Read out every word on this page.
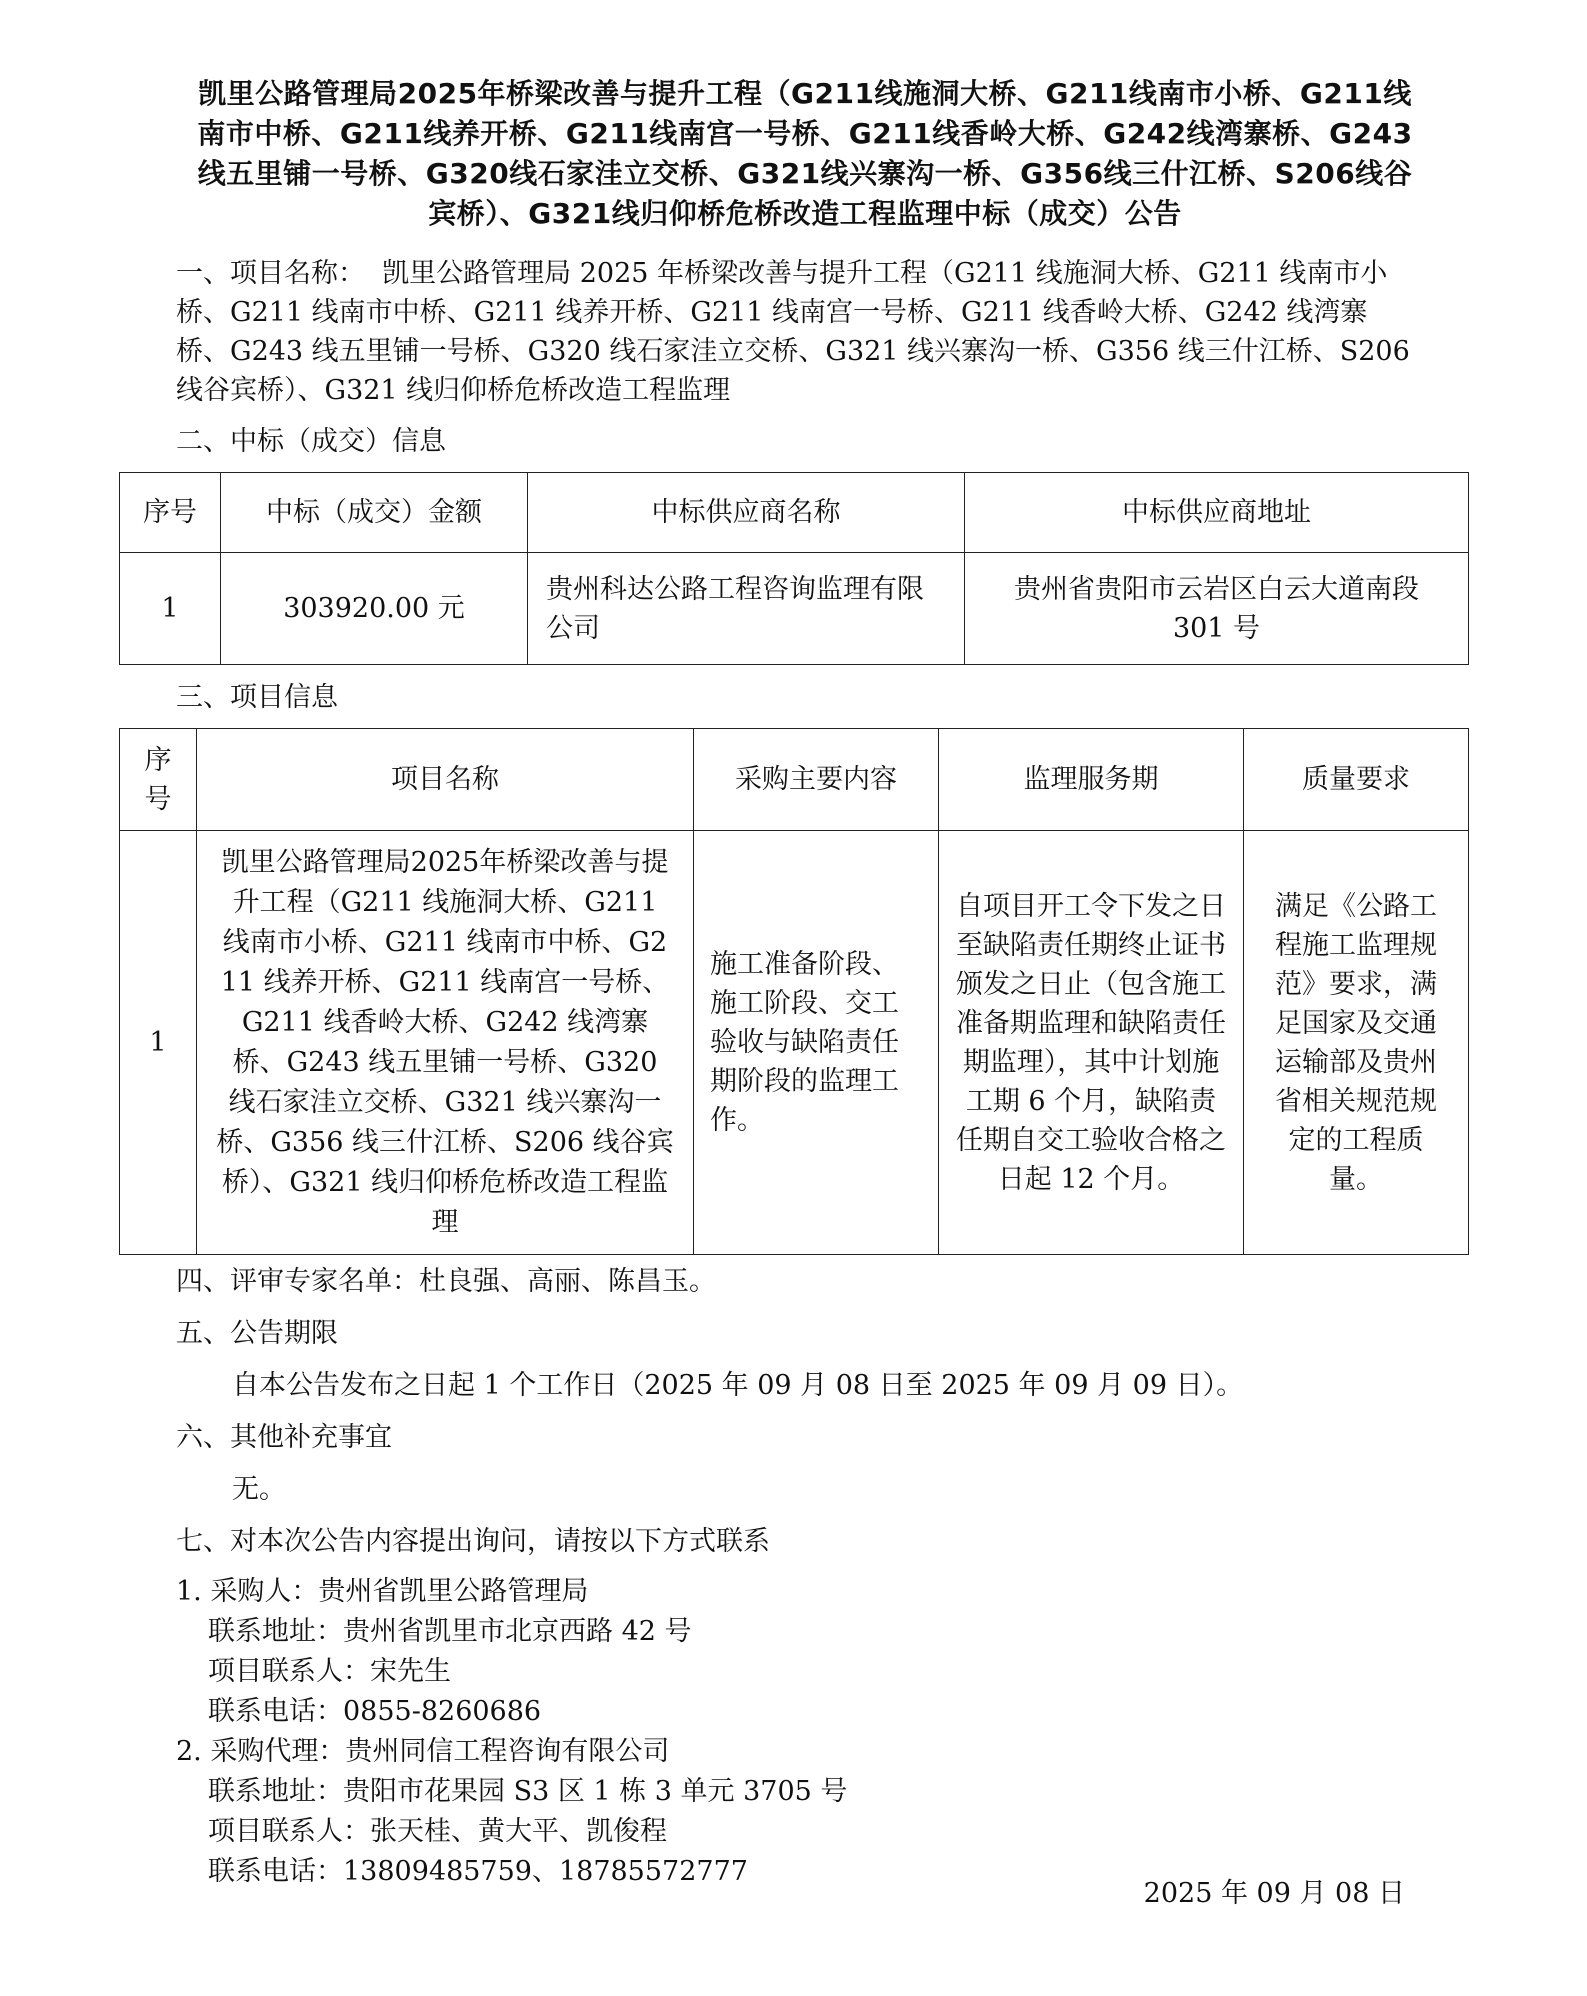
凯里公路管理局2025年桥梁改善与提升工程（G211线施洞大桥、G211线南市小桥、G211线南市中桥、G211线养开桥、G211线南宫一号桥、G211线香岭大桥、G242线湾寨桥、G243线五里铺一号桥、G320线石家洼立交桥、G321线兴寨沟一桥、G356线三什江桥、S206线谷宾桥）、G321线归仰桥危桥改造工程监理中标（成交）公告
一、项目名称： 凯里公路管理局 2025 年桥梁改善与提升工程（G211 线施洞大桥、G211 线南市小桥、G211 线南市中桥、G211 线养开桥、G211 线南宫一号桥、G211 线香岭大桥、G242 线湾寨桥、G243 线五里铺一号桥、G320 线石家洼立交桥、G321 线兴寨沟一桥、G356 线三什江桥、S206 线谷宾桥）、G321 线归仰桥危桥改造工程监理
二、中标（成交）信息
序号	中标（成交）金额	中标供应商名称	中标供应商地址
1	303920.00 元	贵州科达公路工程咨询监理有限公司	贵州省贵阳市云岩区白云大道南段 301 号
三、项目信息
序号	项目名称	采购主要内容	监理服务期	质量要求
1	凯里公路管理局2025年桥梁改善与提升工程（G211 线施洞大桥、G211 线南市小桥、G211 线南市中桥、G211 线养开桥、G211 线南宫一号桥、G211 线香岭大桥、G242 线湾寨桥、G243 线五里铺一号桥、G320 线石家洼立交桥、G321 线兴寨沟一桥、G356 线三什江桥、S206 线谷宾桥）、G321 线归仰桥危桥改造工程监理	施工准备阶段、施工阶段、交工验收与缺陷责任期阶段的监理工作。	自项目开工令下发之日至缺陷责任期终止证书颁发之日止（包含施工准备期监理和缺陷责任期监理），其中计划施工期 6 个月，缺陷责任期自交工验收合格之日起 12 个月。	满足《公路工程施工监理规范》要求，满足国家及交通运输部及贵州省相关规范规定的工程质量。
四、评审专家名单：杜良强、高丽、陈昌玉。
五、公告期限
自本公告发布之日起 1 个工作日（2025 年 09 月 08 日至 2025 年 09 月 09 日）。
六、其他补充事宜
无。
七、对本次公告内容提出询问，请按以下方式联系
1. 采购人：贵州省凯里公路管理局
联系地址：贵州省凯里市北京西路 42 号
项目联系人：宋先生
联系电话：0855-8260686
2. 采购代理：贵州同信工程咨询有限公司
联系地址：贵阳市花果园 S3 区 1 栋 3 单元 3705 号
项目联系人：张天桂、黄大平、凯俊程
联系电话：13809485759、18785572777
2025 年 09 月 08 日
